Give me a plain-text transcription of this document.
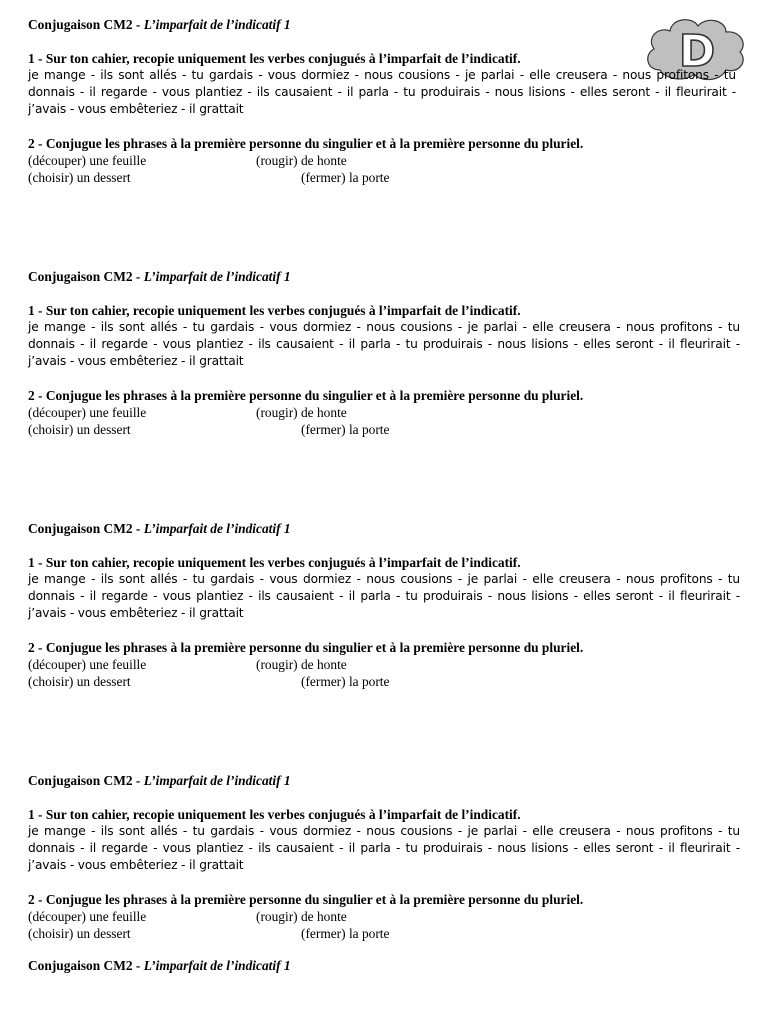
D

Conjugaison CM2 - L’imparfait de l’indicatif 1

1 - Sur ton cahier, recopie uniquement les verbes conjugués à l’imparfait de l’indicatif.

je mange - ils sont allés - tu gardais - vous dormiez - nous cousions - je parlai - elle creusera - nous profitons - tu donnais - il regarde - vous plantiez - ils causaient - il parla - tu produirais - nous lisions - elles seront - il fleurirait - j’avais - vous embêteriez - il grattait

2 - Conjugue les phrases à la première personne du singulier et à la première personne du pluriel.

(découper) une feuille	(rougir) de honte
(choisir) un dessert	(fermer) la porte

Conjugaison CM2 - L’imparfait de l’indicatif 1

1 - Sur ton cahier, recopie uniquement les verbes conjugués à l’imparfait de l’indicatif.

je mange - ils sont allés - tu gardais - vous dormiez - nous cousions - je parlai - elle creusera - nous profitons - tu donnais - il regarde - vous plantiez - ils causaient - il parla - tu produirais - nous lisions - elles seront - il fleurirait - j’avais - vous embêteriez - il grattait

2 - Conjugue les phrases à la première personne du singulier et à la première personne du pluriel.

(découper) une feuille	(rougir) de honte
(choisir) un dessert	(fermer) la porte

Conjugaison CM2 - L’imparfait de l’indicatif 1

1 - Sur ton cahier, recopie uniquement les verbes conjugués à l’imparfait de l’indicatif.

je mange - ils sont allés - tu gardais - vous dormiez - nous cousions - je parlai - elle creusera - nous profitons - tu donnais - il regarde - vous plantiez - ils causaient - il parla - tu produirais - nous lisions - elles seront - il fleurirait - j’avais - vous embêteriez - il grattait

2 - Conjugue les phrases à la première personne du singulier et à la première personne du pluriel.

(découper) une feuille	(rougir) de honte
(choisir) un dessert	(fermer) la porte

Conjugaison CM2 - L’imparfait de l’indicatif 1

1 - Sur ton cahier, recopie uniquement les verbes conjugués à l’imparfait de l’indicatif.

je mange - ils sont allés - tu gardais - vous dormiez - nous cousions - je parlai - elle creusera - nous profitons - tu donnais - il regarde - vous plantiez - ils causaient - il parla - tu produirais - nous lisions - elles seront - il fleurirait - j’avais - vous embêteriez - il grattait

2 - Conjugue les phrases à la première personne du singulier et à la première personne du pluriel.

(découper) une feuille	(rougir) de honte
(choisir) un dessert	(fermer) la porte

Conjugaison CM2 - L’imparfait de l’indicatif 1
